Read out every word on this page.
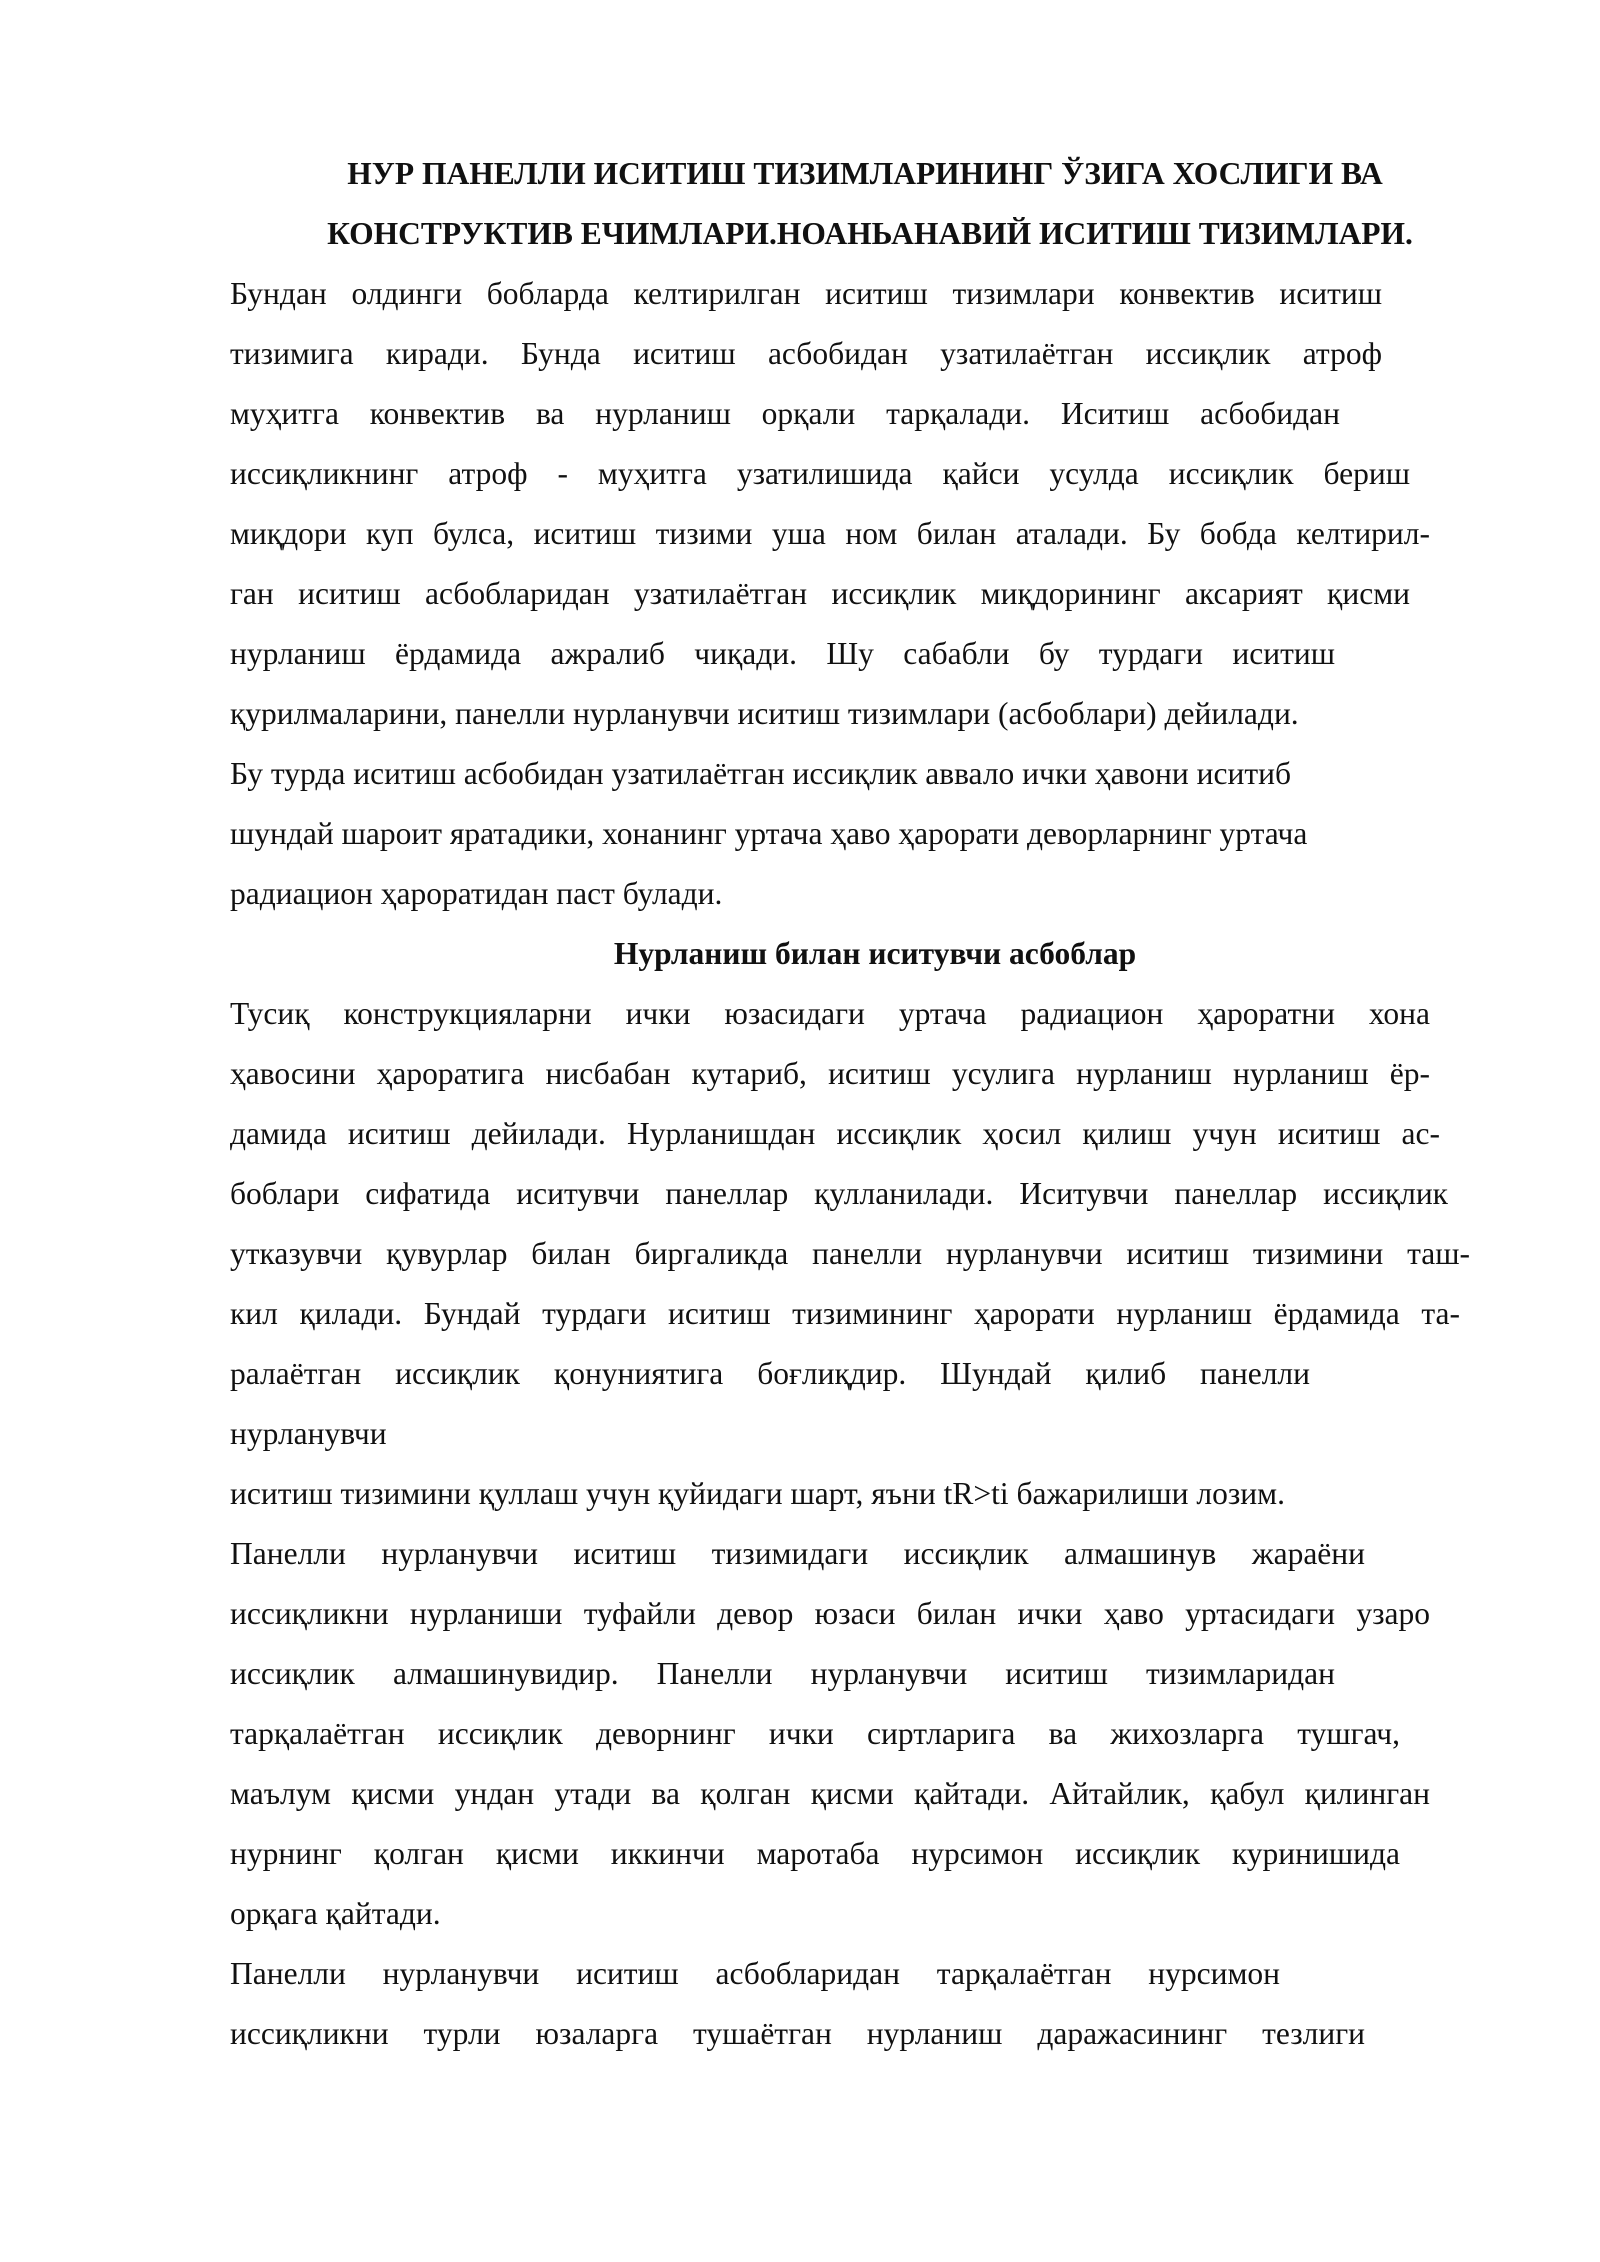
НУР ПАНЕЛЛИ ИСИТИШ ТИЗИМЛАРИНИНГ ЎЗИГА ХОСЛИГИ ВА
КОНСТРУКТИВ ЕЧИМЛАРИ.НОАНЬАНАВИЙ ИСИТИШ ТИЗИМЛАРИ.
Бундан олдинги бобларда келтирилган иситиш тизимлари конвектив иситиш
тизимига киради. Бунда иситиш асбобидан узатилаётган иссиқлик атроф
муҳитга конвектив ва нурланиш орқали тарқалади. Иситиш асбобидан
иссиқликнинг атроф - муҳитга узатилишида қайси усулда иссиқлик бериш
миқдори куп булса, иситиш тизими уша ном билан аталади. Бу бобда келтирил-
ган иситиш асбобларидан узатилаётган иссиқлик миқдорининг аксарият қисми
нурланиш ёрдамида ажралиб чиқади. Шу сабабли бу турдаги иситиш
қурилмаларини, панелли нурланувчи иситиш тизимлари (асбоблари) дейилади.
Бу турда иситиш асбобидан узатилаётган иссиқлик аввало ички ҳавони иситиб
шундай шароит яратадики, хонанинг уртача ҳаво ҳарорати деворларнинг уртача
радиацион ҳароратидан паст булади.
Нурланиш билан иситувчи асбоблар
Тусиқ конструкцияларни ички юзасидаги уртача радиацион ҳароратни хона
ҳавосини ҳароратига нисбабан кутариб, иситиш усулига нурланиш нурланиш ёр-
дамида иситиш дейилади. Нурланишдан иссиқлик ҳосил қилиш учун иситиш ас-
боблари сифатида иситувчи панеллар қулланилади. Иситувчи панеллар иссиқлик
утказувчи қувурлар билан биргаликда панелли нурланувчи иситиш тизимини таш-
кил қилади. Бундай турдаги иситиш тизимининг ҳарорати нурланиш ёрдамида та-
ралаётган иссиқлик қонуниятига боғлиқдир. Шундай қилиб панелли
нурланувчи
иситиш тизимини қуллаш учун қуйидаги шарт, яъни tR>ti бажарилиши лозим.
Панелли нурланувчи иситиш тизимидаги иссиқлик алмашинув жараёни
иссиқликни нурланиши туфайли девор юзаси билан ички ҳаво уртасидаги узаро
иссиқлик алмашинувидир. Панелли нурланувчи иситиш тизимларидан
тарқалаётган иссиқлик деворнинг ички сиртларига ва жихозларга тушгач,
маълум қисми ундан утади ва қолган қисми қайтади. Айтайлик, қабул қилинган
нурнинг қолган қисми иккинчи маротаба нурсимон иссиқлик куринишида
орқага қайтади.
Панелли нурланувчи иситиш асбобларидан тарқалаётган нурсимон
иссиқликни турли юзаларга тушаётган нурланиш даражасининг тезлиги
